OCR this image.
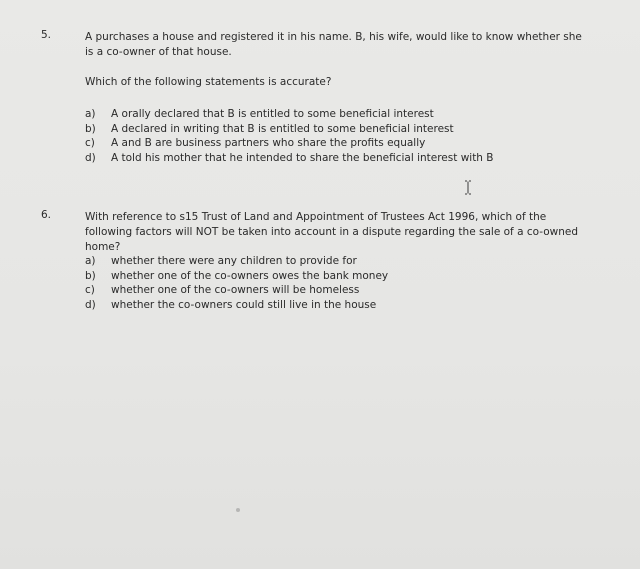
5.	A purchases a house and registered it in his name. B, his wife, would like to know whether she is a co-owner of that house.
Which of the following statements is accurate?
a)	A orally declared that B is entitled to some beneficial interest
b)	A declared in writing that B is entitled to some beneficial interest
c)	A and B are business partners who share the profits equally
d)	A told his mother that he intended to share the beneficial interest with B
6.	With reference to s15 Trust of Land and Appointment of Trustees Act 1996, which of the following factors will NOT be taken into account in a dispute regarding the sale of a co-owned home?
a)	whether there were any children to provide for
b)	whether one of the co-owners owes the bank money
c)	whether one of the co-owners will be homeless
d)	whether the co-owners could still live in the house
